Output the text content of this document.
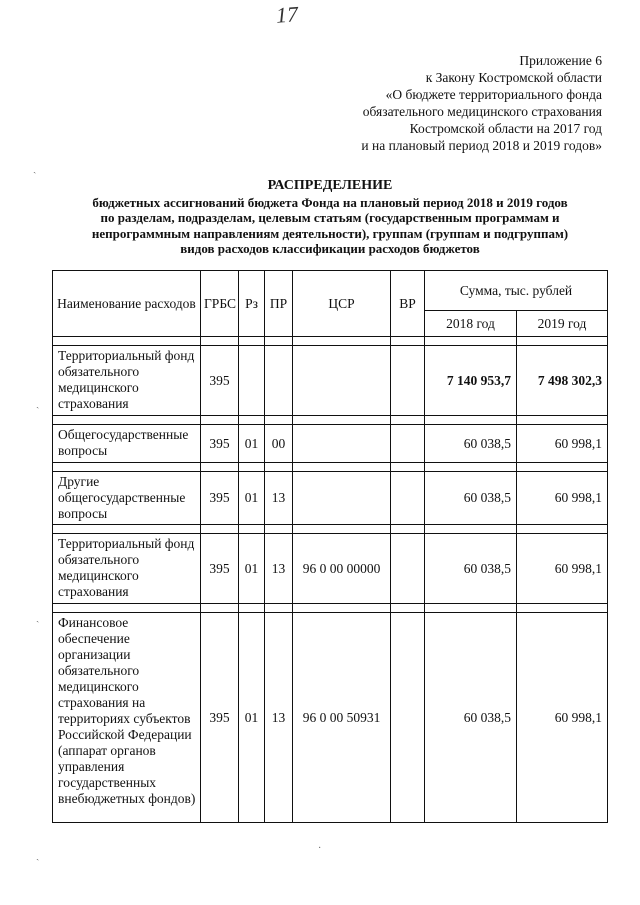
17
Приложение 6
к Закону Костромской области
«О бюджете территориального фонда
обязательного медицинского страхования
Костромской области на 2017 год
и на плановый период 2018 и 2019 годов»
ˎ
РАСПРЕДЕЛЕНИЕ
бюджетных ассигнований бюджета Фонда на плановый период 2018 и 2019 годов
по разделам, подразделам, целевым статьям (государственным программам и
непрограммным направлениям деятельности), группам (группам и подгруппам)
видов расходов классификации расходов бюджетов
Наименование расходов	ГРБС	Рз	ПР	ЦСР	ВР	Сумма, тыс. рублей	
						2018 год	2019 год

Территориальный фонд обязательного медицинского страхования	395					7 140 953,7	7 498 302,3

Общегосударственные вопросы	395	01	00			60 038,5	60 998,1

Другие общегосударственные вопросы	395	01	13			60 038,5	60 998,1

Территориальный фонд обязательного медицинского страхования	395	01	13	96 0 00 00000		60 038,5	60 998,1

Финансовое обеспечение организации обязательного медицинского страхования на территориях субъектов Российской Федерации (аппарат органов управления государственных внебюджетных фондов)	395	01	13	96 0 00 50931		60 038,5	60 998,1
ˎ
ˎ
ˎ
·
